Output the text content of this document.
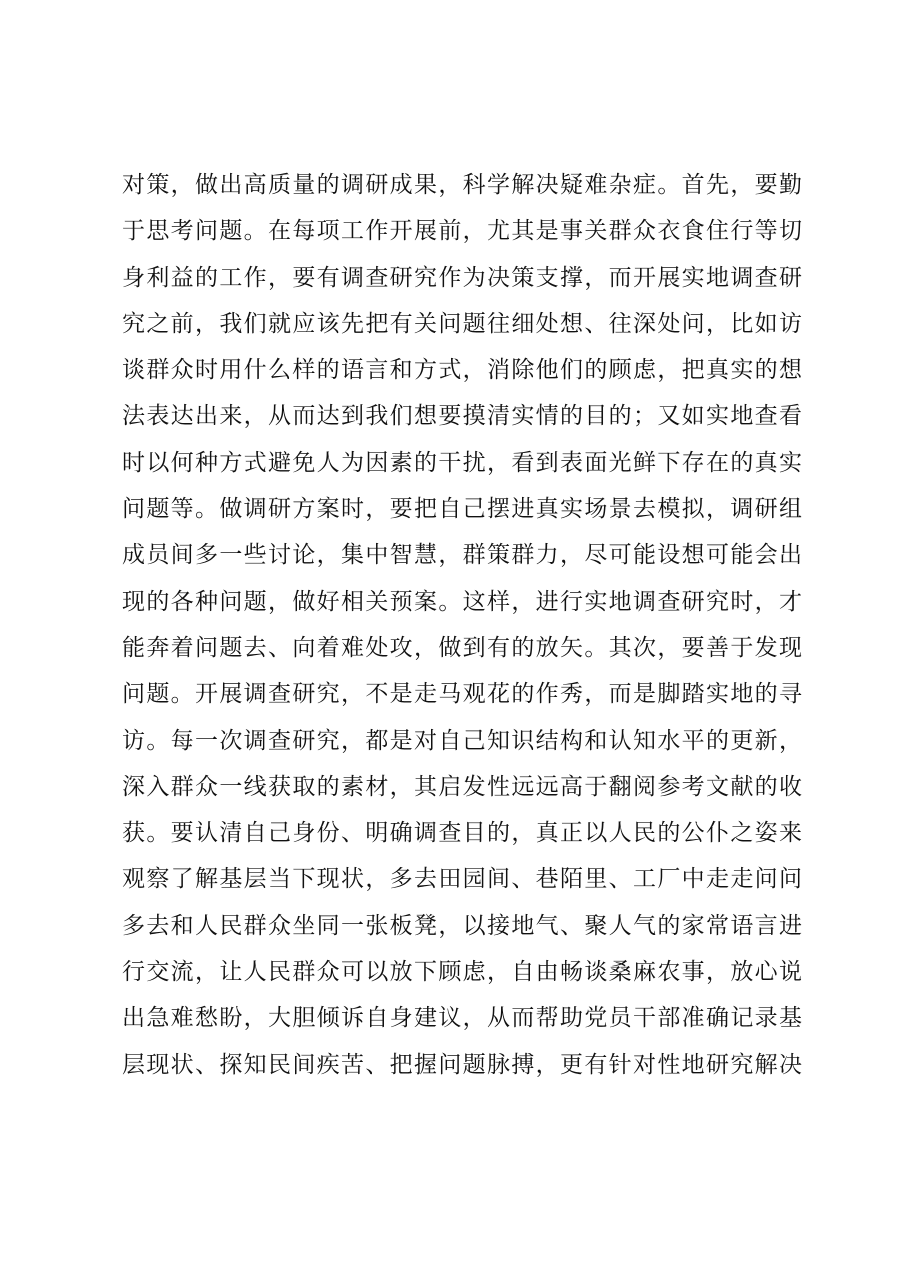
对策，做出高质量的调研成果，科学解决疑难杂症。首先，要勤
于思考问题。在每项工作开展前，尤其是事关群众衣食住行等切
身利益的工作，要有调查研究作为决策支撑，而开展实地调查研
究之前，我们就应该先把有关问题往细处想、往深处问，比如访
谈群众时用什么样的语言和方式，消除他们的顾虑，把真实的想
法表达出来，从而达到我们想要摸清实情的目的；又如实地查看
时以何种方式避免人为因素的干扰，看到表面光鲜下存在的真实
问题等。做调研方案时，要把自己摆进真实场景去模拟，调研组
成员间多一些讨论，集中智慧，群策群力，尽可能设想可能会出
现的各种问题，做好相关预案。这样，进行实地调查研究时，才
能奔着问题去、向着难处攻，做到有的放矢。其次，要善于发现
问题。开展调查研究，不是走马观花的作秀，而是脚踏实地的寻
访。每一次调查研究，都是对自己知识结构和认知水平的更新，
深入群众一线获取的素材，其启发性远远高于翻阅参考文献的收
获。要认清自己身份、明确调查目的，真正以人民的公仆之姿来
观察了解基层当下现状，多去田园间、巷陌里、工厂中走走问问
多去和人民群众坐同一张板凳，以接地气、聚人气的家常语言进
行交流，让人民群众可以放下顾虑，自由畅谈桑麻农事，放心说
出急难愁盼，大胆倾诉自身建议，从而帮助党员干部准确记录基
层现状、探知民间疾苦、把握问题脉搏，更有针对性地研究解决
